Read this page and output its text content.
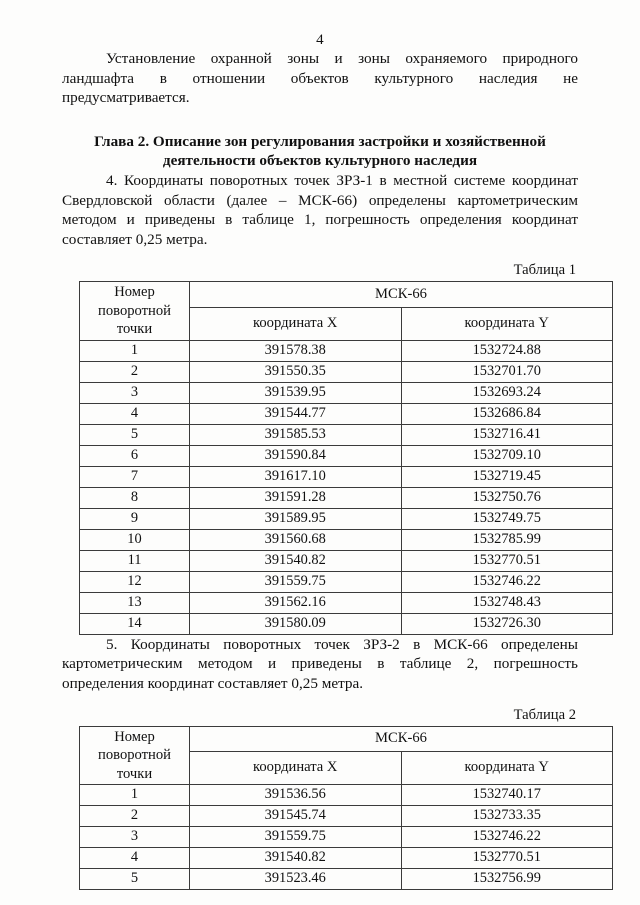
4

Установление охранной зоны и зоны охраняемого природного ландшафта в отношении объектов культурного наследия не предусматривается.

Глава 2. Описание зон регулирования застройки и хозяйственной деятельности объектов культурного наследия

4. Координаты поворотных точек ЗРЗ-1 в местной системе координат Свердловской области (далее – МСК-66) определены картометрическим методом и приведены в таблице 1, погрешность определения координат составляет 0,25 метра.

Таблица 1
Номер поворотной точки	МСК-66	
	координата X	координата Y
1	391578.38	1532724.88
2	391550.35	1532701.70
3	391539.95	1532693.24
4	391544.77	1532686.84
5	391585.53	1532716.41
6	391590.84	1532709.10
7	391617.10	1532719.45
8	391591.28	1532750.76
9	391589.95	1532749.75
10	391560.68	1532785.99
11	391540.82	1532770.51
12	391559.75	1532746.22
13	391562.16	1532748.43
14	391580.09	1532726.30

5. Координаты поворотных точек ЗРЗ-2 в МСК-66 определены картометрическим методом и приведены в таблице 2, погрешность определения координат составляет 0,25 метра.

Таблица 2
Номер поворотной точки	МСК-66	
	координата X	координата Y
1	391536.56	1532740.17
2	391545.74	1532733.35
3	391559.75	1532746.22
4	391540.82	1532770.51
5	391523.46	1532756.99
